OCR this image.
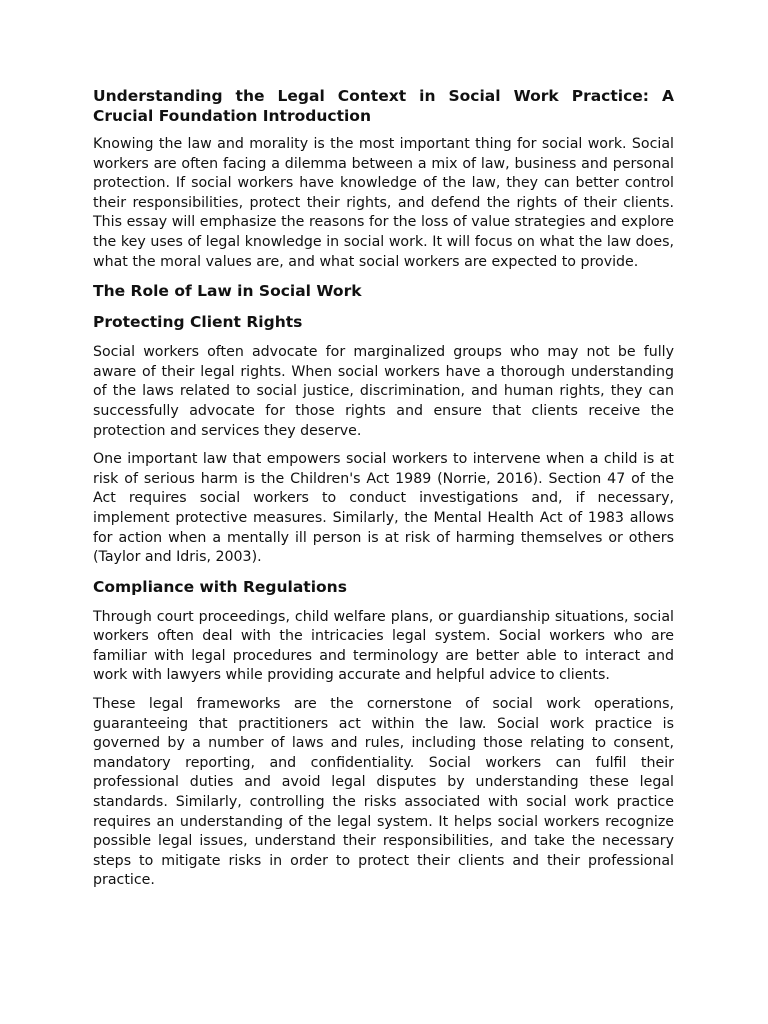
Understanding the Legal Context in Social Work Practice: A Crucial Foundation Introduction

Knowing the law and morality is the most important thing for social work. Social workers are often facing a dilemma between a mix of law, business and personal protection. If social workers have knowledge of the law, they can better control their responsibilities, protect their rights, and defend the rights of their clients. This essay will emphasize the reasons for the loss of value strategies and explore the key uses of legal knowledge in social work. It will focus on what the law does, what the moral values are, and what social workers are expected to provide.

The Role of Law in Social Work
Protecting Client Rights

Social workers often advocate for marginalized groups who may not be fully aware of their legal rights. When social workers have a thorough understanding of the laws related to social justice, discrimination, and human rights, they can successfully advocate for those rights and ensure that clients receive the protection and services they deserve.

One important law that empowers social workers to intervene when a child is at risk of serious harm is the Children's Act 1989 (Norrie, 2016). Section 47 of the Act requires social workers to conduct investigations and, if necessary, implement protective measures. Similarly, the Mental Health Act of 1983 allows for action when a mentally ill person is at risk of harming themselves or others (Taylor and Idris, 2003).

Compliance with Regulations

Through court proceedings, child welfare plans, or guardianship situations, social workers often deal with the intricacies legal system. Social workers who are familiar with legal procedures and terminology are better able to interact and work with lawyers while providing accurate and helpful advice to clients.

These legal frameworks are the cornerstone of social work operations, guaranteeing that practitioners act within the law. Social work practice is governed by a number of laws and rules, including those relating to consent, mandatory reporting, and confidentiality. Social workers can fulfil their professional duties and avoid legal disputes by understanding these legal standards. Similarly, controlling the risks associated with social work practice requires an understanding of the legal system. It helps social workers recognize possible legal issues, understand their responsibilities, and take the necessary steps to mitigate risks in order to protect their clients and their professional practice.
